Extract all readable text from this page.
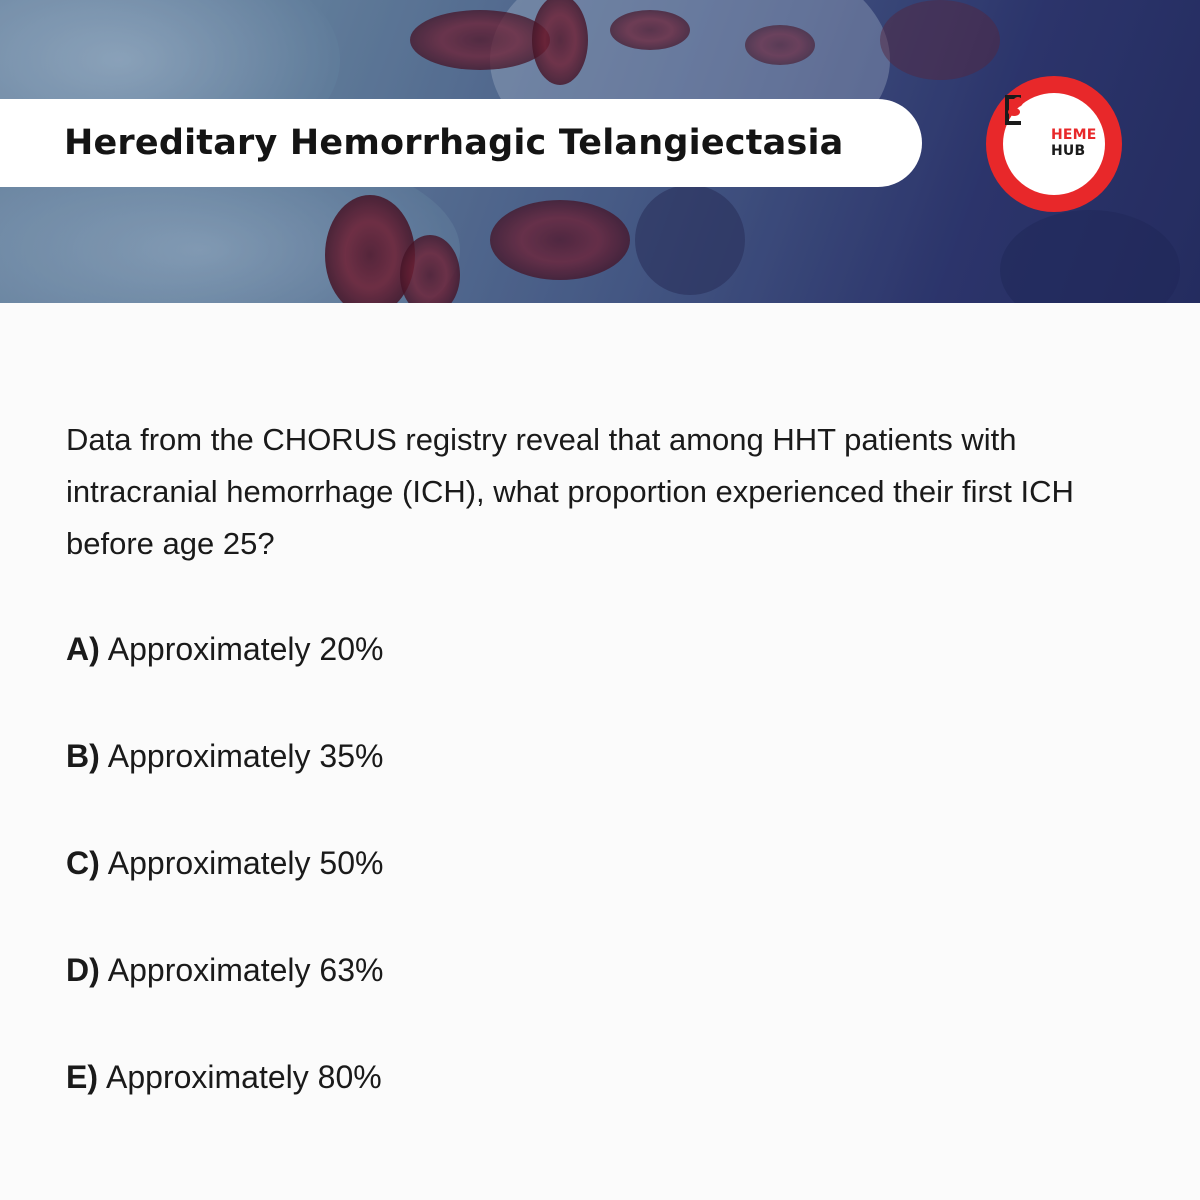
Hereditary Hemorrhagic Telangiectasia	HEME
HUB
Data from the CHORUS registry reveal that among HHT patients with intracranial hemorrhage (ICH), what proportion experienced their first ICH before age 25?
A) Approximately 20%
B) Approximately 35%
C) Approximately 50%
D) Approximately 63%
E) Approximately 80%
